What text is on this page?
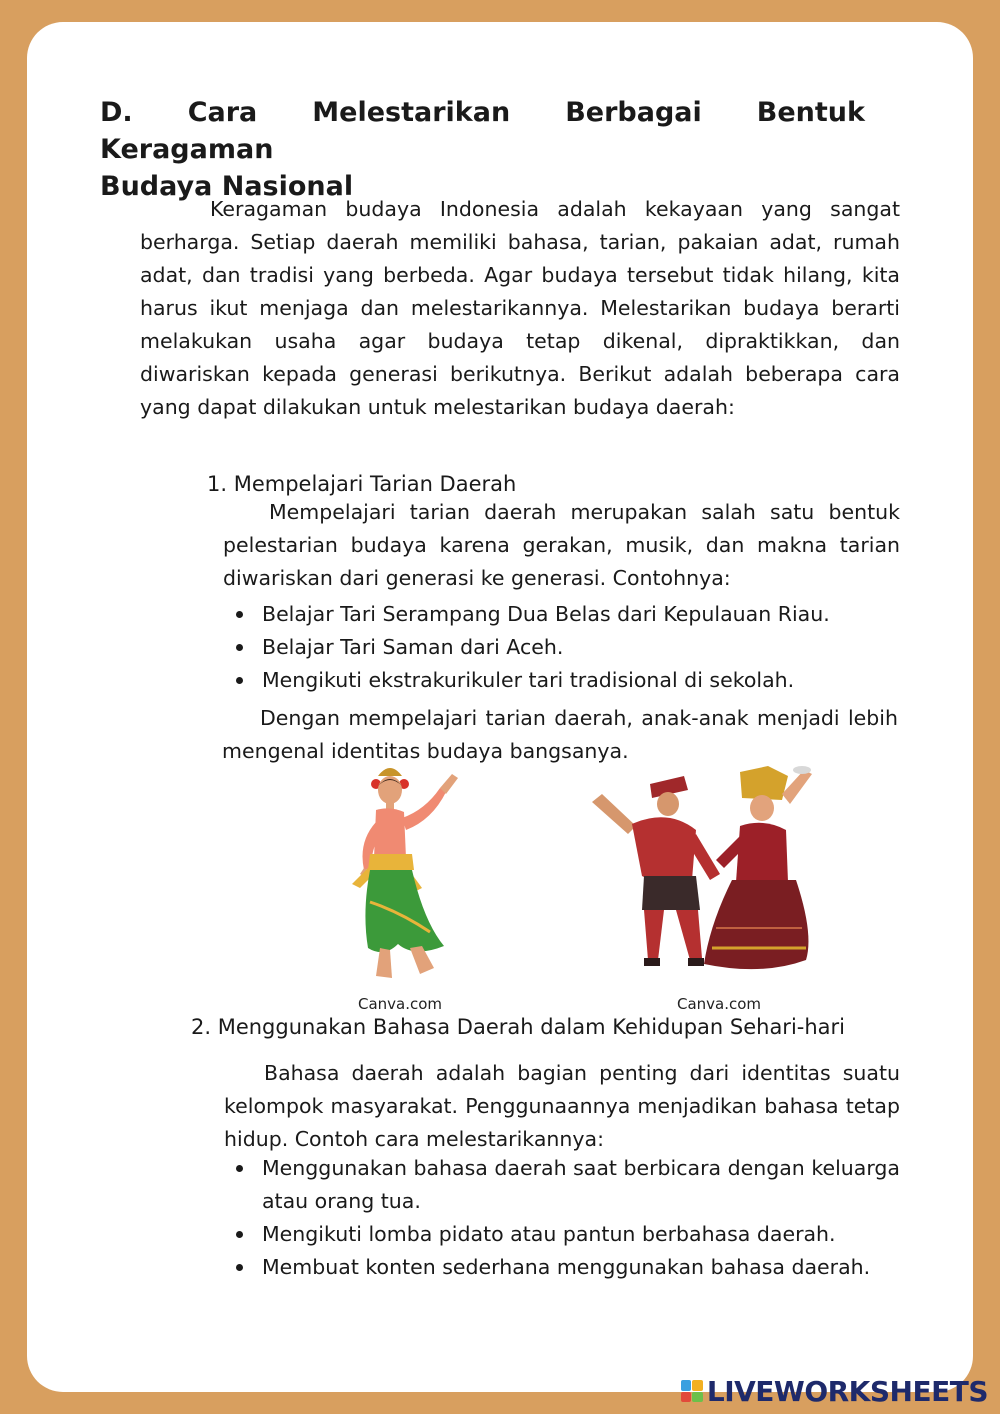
D. Cara Melestarikan Berbagai Bentuk Keragaman
Budaya Nasional

Keragaman budaya Indonesia adalah kekayaan yang sangat berharga. Setiap daerah memiliki bahasa, tarian, pakaian adat, rumah adat, dan tradisi yang berbeda. Agar budaya tersebut tidak hilang, kita harus ikut menjaga dan melestarikannya. Melestarikan budaya berarti melakukan usaha agar budaya tetap dikenal, dipraktikkan, dan diwariskan kepada generasi berikutnya. Berikut adalah beberapa cara yang dapat dilakukan untuk melestarikan budaya daerah:

1. Mempelajari Tarian Daerah

Mempelajari tarian daerah merupakan salah satu bentuk pelestarian budaya karena gerakan, musik, dan makna tarian diwariskan dari generasi ke generasi. Contohnya:

Belajar Tari Serampang Dua Belas dari Kepulauan Riau.
Belajar Tari Saman dari Aceh.
Mengikuti ekstrakurikuler tari tradisional di sekolah.

Dengan mempelajari tarian daerah, anak-anak menjadi lebih mengenal identitas budaya bangsanya.

Canva.com	Canva.com

2. Menggunakan Bahasa Daerah dalam Kehidupan Sehari-hari

Bahasa daerah adalah bagian penting dari identitas suatu kelompok masyarakat. Penggunaannya menjadikan bahasa tetap hidup. Contoh cara melestarikannya:

Menggunakan bahasa daerah saat berbicara dengan keluarga atau orang tua.
Mengikuti lomba pidato atau pantun berbahasa daerah.
Membuat konten sederhana menggunakan bahasa daerah.
LIVEWORKSHEETS
